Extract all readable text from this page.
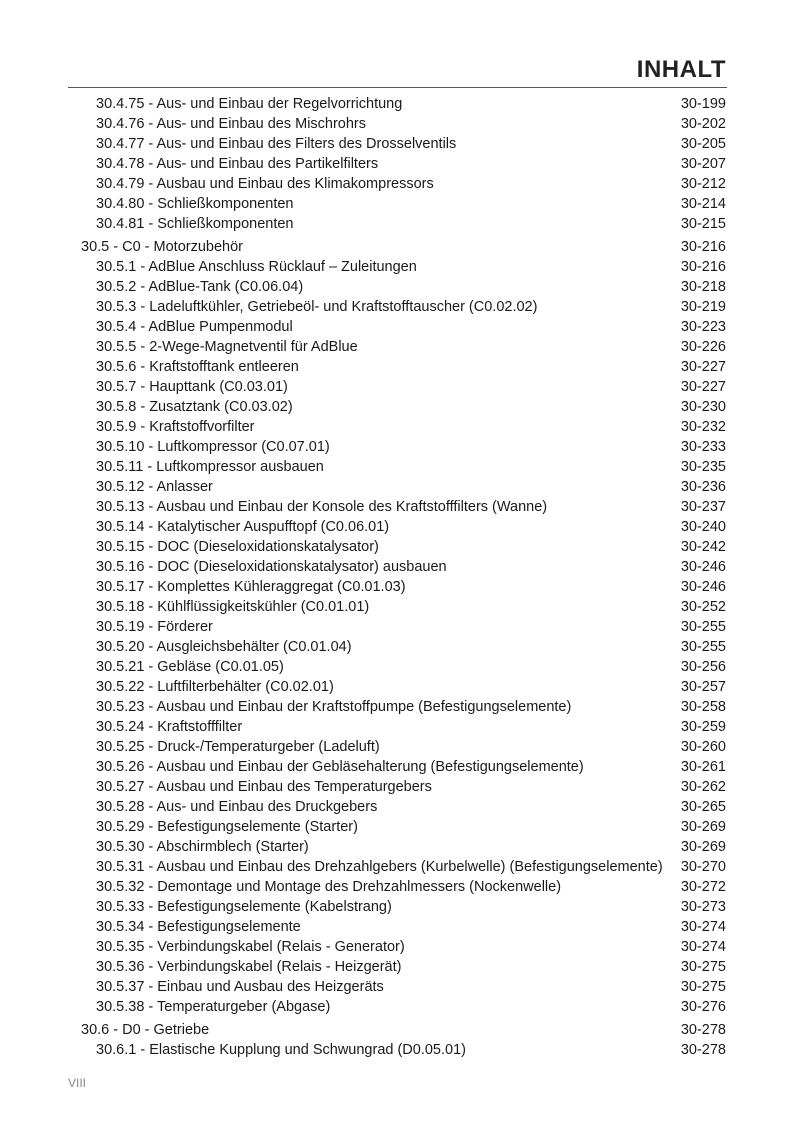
INHALT
30.4.75 - Aus- und Einbau der Regelvorrichtung	30-199
30.4.76 - Aus- und Einbau des Mischrohrs	30-202
30.4.77 - Aus- und Einbau des Filters des Drosselventils	30-205
30.4.78 - Aus- und Einbau des Partikelfilters	30-207
30.4.79 - Ausbau und Einbau des Klimakompressors	30-212
30.4.80 - Schließkomponenten	30-214
30.4.81 - Schließkomponenten	30-215
30.5 - C0 - Motorzubehör	30-216
30.5.1 - AdBlue Anschluss Rücklauf – Zuleitungen	30-216
30.5.2 - AdBlue-Tank (C0.06.04)	30-218
30.5.3 - Ladeluftkühler, Getriebeöl- und Kraftstofftauscher (C0.02.02)	30-219
30.5.4 - AdBlue Pumpenmodul	30-223
30.5.5 - 2-Wege-Magnetventil für AdBlue	30-226
30.5.6 - Kraftstofftank entleeren	30-227
30.5.7 - Haupttank (C0.03.01)	30-227
30.5.8 - Zusatztank (C0.03.02)	30-230
30.5.9 - Kraftstoffvorfilter	30-232
30.5.10 - Luftkompressor (C0.07.01)	30-233
30.5.11 - Luftkompressor ausbauen	30-235
30.5.12 - Anlasser	30-236
30.5.13 - Ausbau und Einbau der Konsole des Kraftstofffilters (Wanne)	30-237
30.5.14 - Katalytischer Auspufftopf (C0.06.01)	30-240
30.5.15 - DOC (Dieseloxidationskatalysator)	30-242
30.5.16 - DOC (Dieseloxidationskatalysator) ausbauen	30-246
30.5.17 - Komplettes Kühleraggregat (C0.01.03)	30-246
30.5.18 - Kühlflüssigkeitskühler (C0.01.01)	30-252
30.5.19 - Förderer	30-255
30.5.20 - Ausgleichsbehälter (C0.01.04)	30-255
30.5.21 - Gebläse (C0.01.05)	30-256
30.5.22 - Luftfilterbehälter (C0.02.01)	30-257
30.5.23 - Ausbau und Einbau der Kraftstoffpumpe (Befestigungselemente)	30-258
30.5.24 - Kraftstofffilter	30-259
30.5.25 - Druck-/Temperaturgeber (Ladeluft)	30-260
30.5.26 - Ausbau und Einbau der Gebläsehalterung (Befestigungselemente)	30-261
30.5.27 - Ausbau und Einbau des Temperaturgebers	30-262
30.5.28 - Aus- und Einbau des Druckgebers	30-265
30.5.29 - Befestigungselemente (Starter)	30-269
30.5.30 - Abschirmblech (Starter)	30-269
30.5.31 - Ausbau und Einbau des Drehzahlgebers (Kurbelwelle) (Befestigungselemente) 30-270
30.5.32 - Demontage und Montage des Drehzahlmessers (Nockenwelle)	30-272
30.5.33 - Befestigungselemente (Kabelstrang)	30-273
30.5.34 - Befestigungselemente	30-274
30.5.35 - Verbindungskabel (Relais - Generator)	30-274
30.5.36 - Verbindungskabel (Relais - Heizgerät)	30-275
30.5.37 - Einbau und Ausbau des Heizgeräts	30-275
30.5.38 - Temperaturgeber (Abgase)	30-276
30.6 - D0 - Getriebe	30-278
30.6.1 - Elastische Kupplung und Schwungrad (D0.05.01)	30-278
VIII
